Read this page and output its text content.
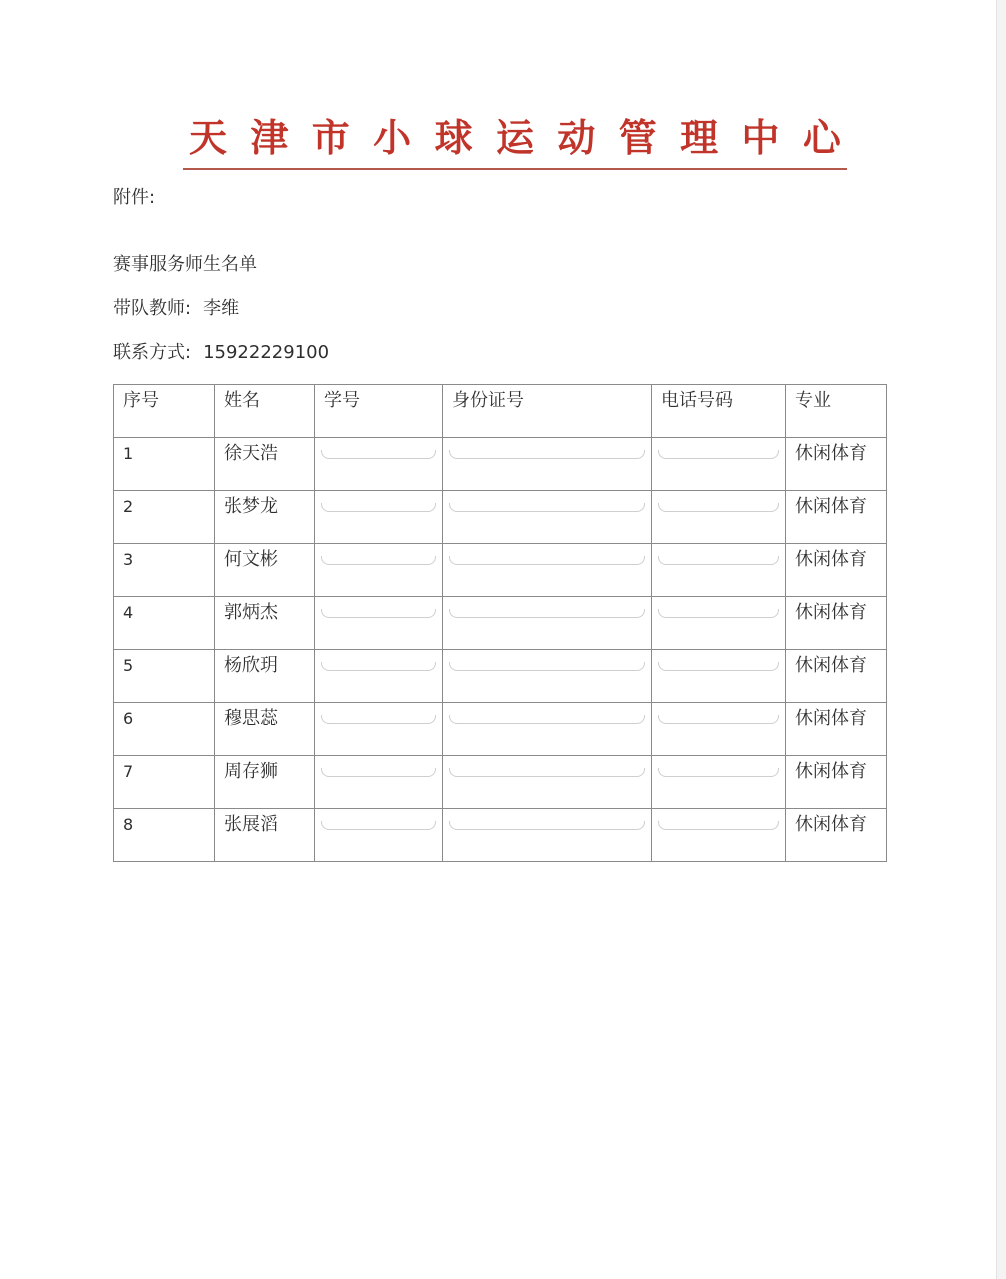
天 津 市 小 球 运 动 管 理 中 心
附件:
赛事服务师生名单
带队教师: 李维
联系方式: 15922229100
序号	姓名	学号	身份证号	电话号码	专业

1	徐天浩				休闲体育

2	张梦龙				休闲体育

3	何文彬				休闲体育

4	郭炳杰				休闲体育

5	杨欣玥				休闲体育

6	穆思蕊				休闲体育

7	周存狮				休闲体育

8	张展滔				休闲体育
